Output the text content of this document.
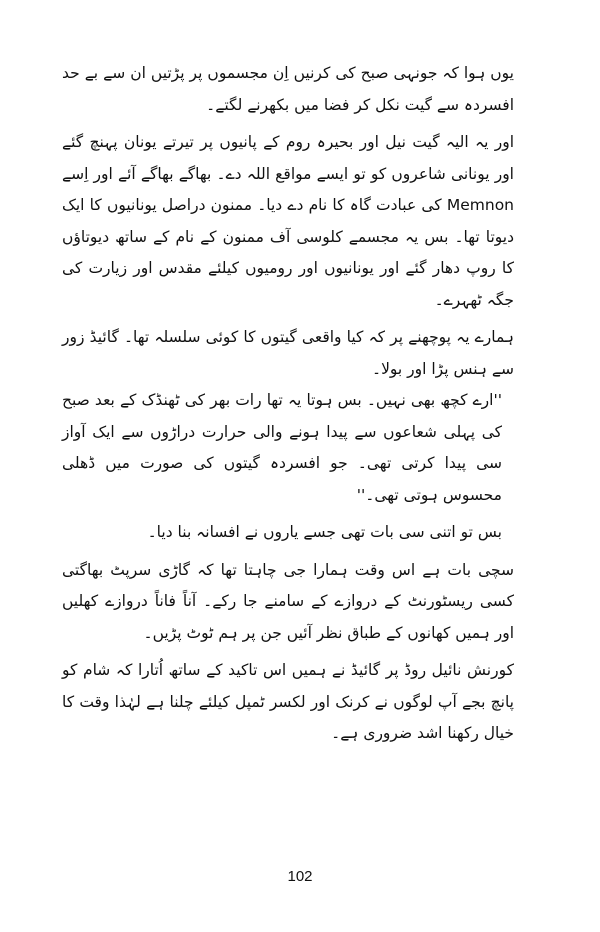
یوں ہوا کہ جونہی صبح کی کرنیں اِن مجسموں پر پڑتیں ان سے بے حد افسردہ سے گیت نکل کر فضا میں بکھرنے لگتے۔

اور یہ الیہ گیت نیل اور بحیرہ روم کے پانیوں پر تیرتے یونان پہنچ گئے اور یونانی شاعروں کو تو ایسے مواقع اللہ دے۔ بھاگے بھاگے آئے اور اِسے Memnon کی عبادت گاہ کا نام دے دیا۔ ممنون دراصل یونانیوں کا ایک دیوتا تھا۔ بس یہ مجسمے کلوسی آف ممنون کے نام کے ساتھ دیوتاؤں کا روپ دھار گئے اور یونانیوں اور رومیوں کیلئے مقدس اور زیارت کی جگہ ٹھہرے۔

ہمارے یہ پوچھنے پر کہ کیا واقعی گیتوں کا کوئی سلسلہ تھا۔ گائیڈ زور سے ہنس پڑا اور بولا۔

''ارے کچھ بھی نہیں۔ بس ہوتا یہ تھا رات بھر کی ٹھنڈک کے بعد صبح کی پہلی شعاعوں سے پیدا ہونے والی حرارت دراڑوں سے ایک آواز سی پیدا کرتی تھی۔ جو افسردہ گیتوں کی صورت میں ڈھلی محسوس ہوتی تھی۔''

بس تو اتنی سی بات تھی جسے یاروں نے افسانہ بنا دیا۔

سچی بات ہے اس وقت ہمارا جی چاہتا تھا کہ گاڑی سرپٹ بھاگتی کسی ریسٹورنٹ کے دروازے کے سامنے جا رکے۔ آناً فاناً دروازے کھلیں اور ہمیں کھانوں کے طباق نظر آئیں جن پر ہم ٹوٹ پڑیں۔

کورنش نائیل روڈ پر گائیڈ نے ہمیں اس تاکید کے ساتھ اُتارا کہ شام کو پانچ بجے آپ لوگوں نے کرنک اور لکسر ٹمپل کیلئے چلنا ہے لہٰذا وقت کا خیال رکھنا اشد ضروری ہے۔

102
